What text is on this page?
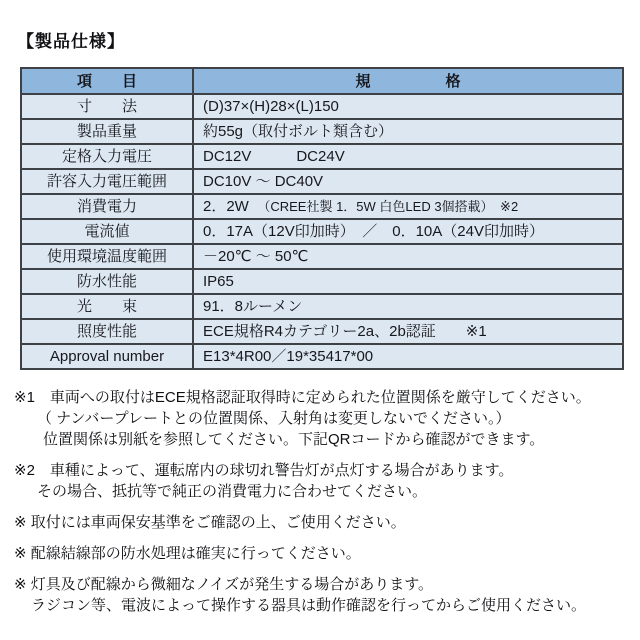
【製品仕様】
項　　目	規　　　　　格
寸　　法	(D)37×(H)28×(L)150
製品重量	約55g（取付ボルト類含む）
定格入力電圧	DC12V　　　DC24V
許容入力電圧範囲	DC10V ～ DC40V
消費電力	2．2W　（CREE社製 1．5W 白色LED 3個搭載）　※2
電流値	0．17A（12V印加時）　／　0．10A（24V印加時）
使用環境温度範囲	－20℃ ～ 50℃
防水性能	IP65
光　　束	91．8ルーメン
照度性能	ECE規格R4カテゴリー2a、2b認証　　※1
Approval number	E13*4R00／19*35417*00
※1　車両への取付はECE規格認証取得時に定められた位置関係を厳守してください。
（ ナンバープレートとの位置関係、入射角は変更しないでください。）
位置関係は別紙を参照してください。下記QRコードから確認ができます。
※2　車種によって、運転席内の球切れ警告灯が点灯する場合があります。
その場合、抵抗等で純正の消費電力に合わせてください。
※ 取付には車両保安基準をご確認の上、ご使用ください。
※ 配線結線部の防水処理は確実に行ってください。
※ 灯具及び配線から微細なノイズが発生する場合があります。
ラジコン等、電波によって操作する器具は動作確認を行ってからご使用ください。
